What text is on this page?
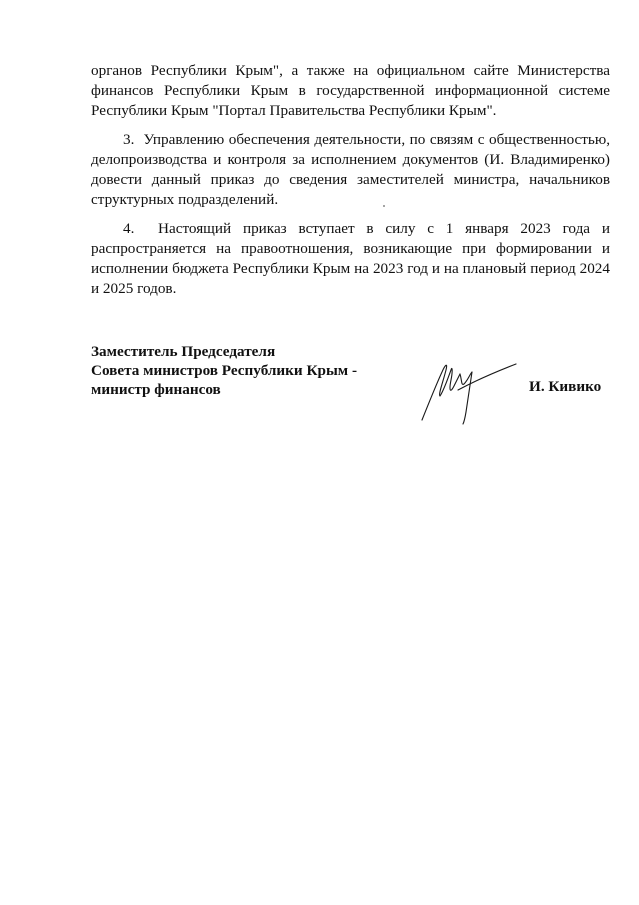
органов Республики Крым", а также на официальном сайте Министерства финансов Республики Крым в государственной информационной системе Республики Крым "Портал Правительства Республики Крым".

3.  Управлению обеспечения деятельности, по связям с общественностью, делопроизводства и контроля за исполнением документов (И. Владимиренко) довести данный приказ до сведения заместителей министра, начальников структурных подразделений.

4.  Настоящий приказ вступает в силу с 1 января 2023 года и распространяется на правоотношения, возникающие при формировании и исполнении бюджета Республики Крым на 2023 год и на плановый период 2024 и 2025 годов.

Заместитель Председателя
Совета министров Республики Крым -
министр финансов	И. Кивико
